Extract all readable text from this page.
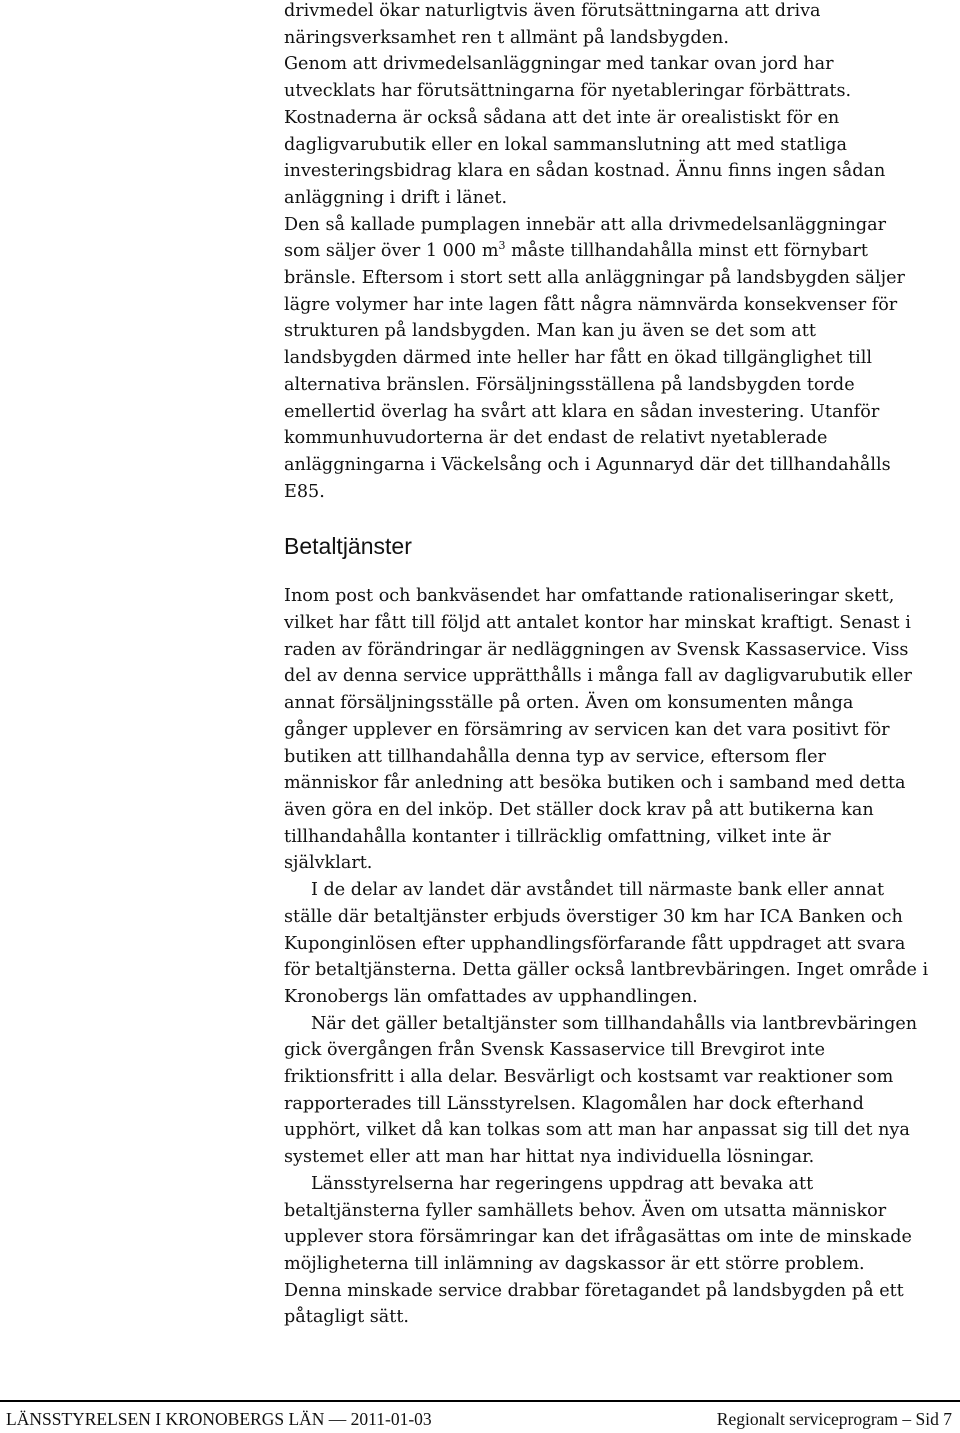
drivmedel ökar naturligtvis även förutsättningarna att driva
näringsverksamhet ren t allmänt på landsbygden.

Genom att drivmedelsanläggningar med tankar ovan jord har
utvecklats har förutsättningarna för nyetableringar förbättrats.
Kostnaderna är också sådana att det inte är orealistiskt för en
dagligvarubutik eller en lokal sammanslutning att med statliga
investeringsbidrag klara en sådan kostnad. Ännu finns ingen sådan
anläggning i drift i länet.

Den så kallade pumplagen innebär att alla drivmedelsanläggningar
som säljer över 1 000 $m^3$ måste tillhandahålla minst ett förnybart
bränsle. Eftersom i stort sett alla anläggningar på landsbygden säljer
lägre volymer har inte lagen fått några nämnvärda konsekvenser för
strukturen på landsbygden. Man kan ju även se det som att
landsbygden därmed inte heller har fått en ökad tillgänglighet till
alternativa bränslen. Försäljningsställena på landsbygden torde
emellertid överlag ha svårt att klara en sådan investering. Utanför
kommunhuvudorterna är det endast de relativt nyetablerade
anläggningarna i Väckelsång och i Agunnaryd där det tillhandahålls
E85.

Betaltjänster

Inom post och bankväsendet har omfattande rationaliseringar skett,
vilket har fått till följd att antalet kontor har minskat kraftigt. Senast i
raden av förändringar är nedläggningen av Svensk Kassaservice. Viss
del av denna service upprätthålls i många fall av dagligvarubutik eller
annat försäljningsställe på orten. Även om konsumenten många
gånger upplever en försämring av servicen kan det vara positivt för
butiken att tillhandahålla denna typ av service, eftersom fler
människor får anledning att besöka butiken och i samband med detta
även göra en del inköp. Det ställer dock krav på att butikerna kan
tillhandahålla kontanter i tillräcklig omfattning, vilket inte är
självklart.

I de delar av landet där avståndet till närmaste bank eller annat
ställe där betaltjänster erbjuds överstiger 30 km har ICA Banken och
Kuponginlösen efter upphandlingsförfarande fått uppdraget att svara
för betaltjänsterna. Detta gäller också lantbrevbäringen. Inget område i
Kronobergs län omfattades av upphandlingen.

När det gäller betaltjänster som tillhandahålls via lantbrevbäringen
gick övergången från Svensk Kassaservice till Brevgirot inte
friktionsfritt i alla delar. Besvärligt och kostsamt var reaktioner som
rapporterades till Länsstyrelsen. Klagomålen har dock efterhand
upphört, vilket då kan tolkas som att man har anpassat sig till det nya
systemet eller att man har hittat nya individuella lösningar.

Länsstyrelserna har regeringens uppdrag att bevaka att
betaltjänsterna fyller samhällets behov. Även om utsatta människor
upplever stora försämringar kan det ifrågasättas om inte de minskade
möjligheterna till inlämning av dagskassor är ett större problem.
Denna minskade service drabbar företagandet på landsbygden på ett
påtagligt sätt.

LÄNSSTYRELSEN I KRONOBERGS LÄN — 2011-01-03	Regionalt serviceprogram – Sid 7
